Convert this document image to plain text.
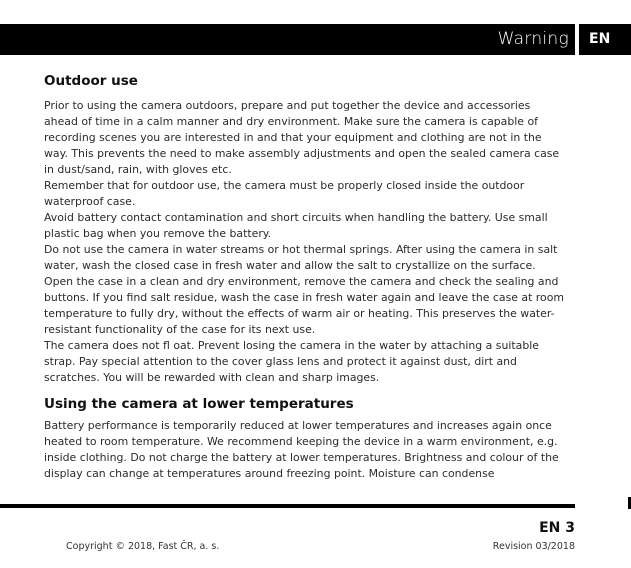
Warning	EN
Outdoor use

Prior to using the camera outdoors, prepare and put together the device and accessories ahead of time in a calm manner and dry environment. Make sure the camera is capable of recording scenes you are interested in and that your equipment and clothing are not in the way. This prevents the need to make assembly adjustments and open the sealed camera case in dust/sand, rain, with gloves etc.

Remember that for outdoor use, the camera must be properly closed inside the outdoor waterproof case.

Avoid battery contact contamination and short circuits when handling the battery. Use small plastic bag when you remove the battery.

Do not use the camera in water streams or hot thermal springs. After using the camera in salt water, wash the closed case in fresh water and allow the salt to crystallize on the surface. Open the case in a clean and dry environment, remove the camera and check the sealing and buttons. If you find salt residue, wash the case in fresh water again and leave the case at room temperature to fully dry, without the effects of warm air or heating. This preserves the water-resistant functionality of the case for its next use.

The camera does not fl oat. Prevent losing the camera in the water by attaching a suitable strap. Pay special attention to the cover glass lens and protect it against dust, dirt and scratches. You will be rewarded with clean and sharp images.

Using the camera at lower temperatures

Battery performance is temporarily reduced at lower temperatures and increases again once heated to room temperature. We recommend keeping the device in a warm environment, e.g. inside clothing. Do not charge the battery at lower temperatures. Brightness and colour of the display can change at temperatures around freezing point. Moisture can condense

EN 3
Copyright © 2018, Fast ČR, a. s.	Revision 03/2018
